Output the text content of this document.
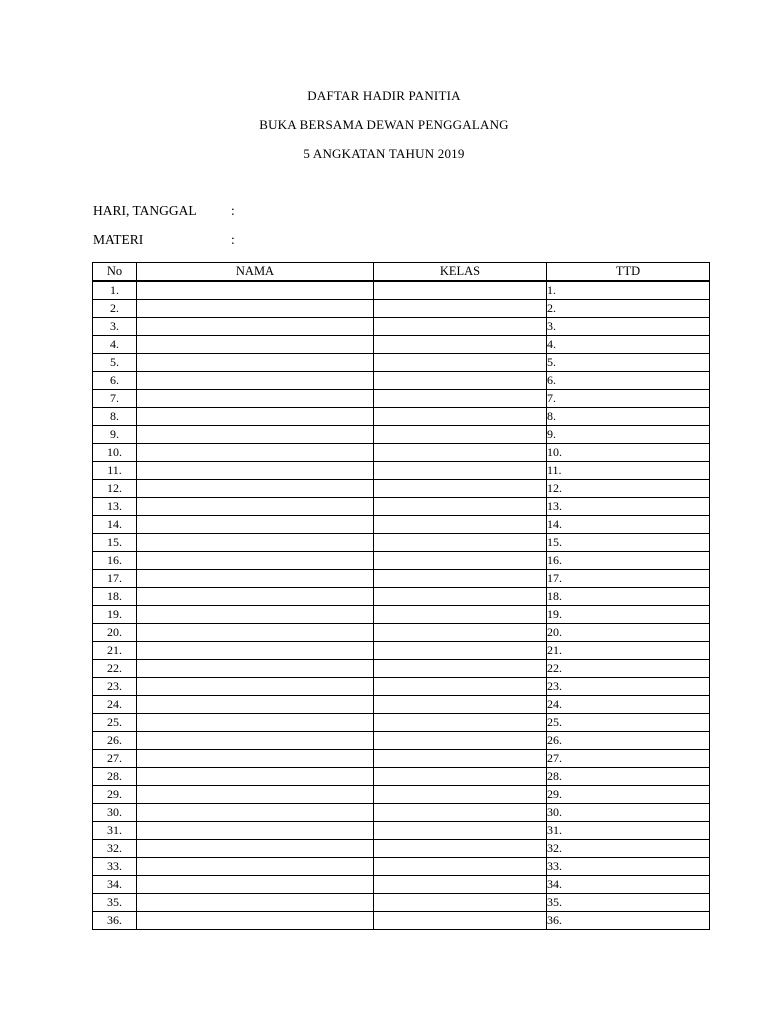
DAFTAR HADIR PANITIA
BUKA BERSAMA DEWAN PENGGALANG
5 ANGKATAN TAHUN 2019
HARI, TANGGAL	:
MATERI	:
No	NAMA	KELAS	TTD
1.			1.
2.			2.
3.			3.
4.			4.
5.			5.
6.			6.
7.			7.
8.			8.
9.			9.
10.			10.
11.			11.
12.			12.
13.			13.
14.			14.
15.			15.
16.			16.
17.			17.
18.			18.
19.			19.
20.			20.
21.			21.
22.			22.
23.			23.
24.			24.
25.			25.
26.			26.
27.			27.
28.			28.
29.			29.
30.			30.
31.			31.
32.			32.
33.			33.
34.			34.
35.			35.
36.			36.
